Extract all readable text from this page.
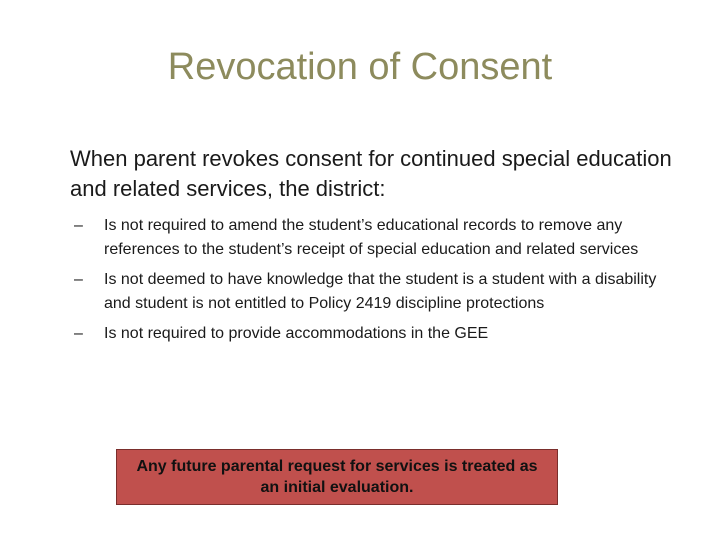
Revocation of Consent
When parent revokes consent for continued special education and related services, the district:
–	Is not required to amend the student’s educational records to remove any references to the student’s receipt of special education and related services
–	Is not deemed to have knowledge that the student is a student with a disability and student is not entitled to Policy 2419 discipline protections
–	Is not required to provide accommodations in the GEE
Any future parental request for services is treated as an initial evaluation.
